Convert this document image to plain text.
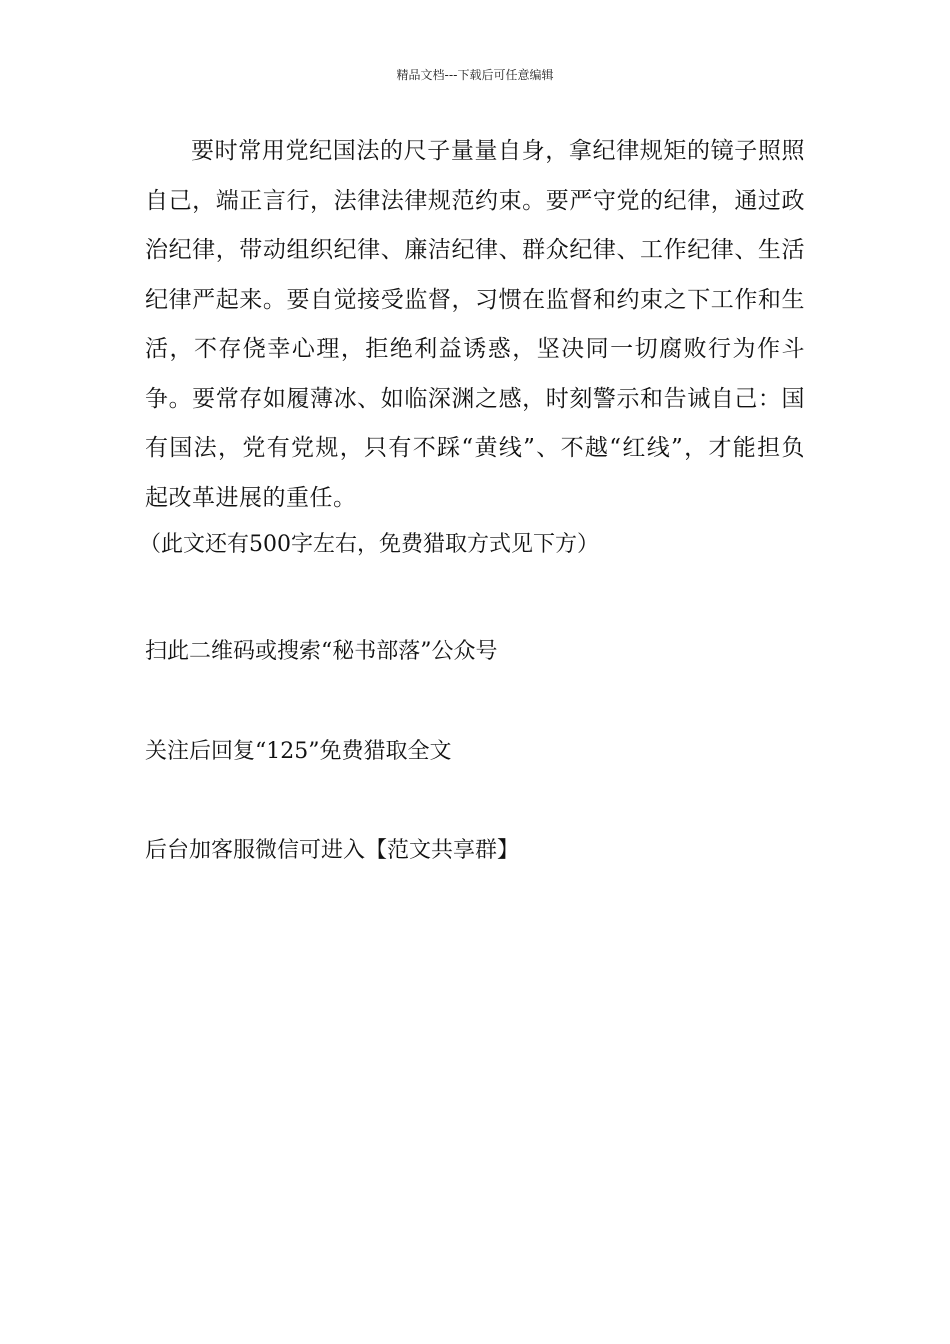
精品文档---下载后可任意编辑

要时常用党纪国法的尺子量量自身，拿纪律规矩的镜子照照自己，端正言行，法律法律规范约束。要严守党的纪律，通过政治纪律，带动组织纪律、廉洁纪律、群众纪律、工作纪律、生活纪律严起来。要自觉接受监督，习惯在监督和约束之下工作和生活，不存侥幸心理，拒绝利益诱惑，坚决同一切腐败行为作斗争。要常存如履薄冰、如临深渊之感，时刻警示和告诫自己：国有国法，党有党规，只有不踩“黄线”、不越“红线”，才能担负起改革进展的重任。

（此文还有500字左右，免费猎取方式见下方）
扫此二维码或搜索“秘书部落”公众号
关注后回复“125”免费猎取全文
后台加客服微信可进入【范文共享群】
